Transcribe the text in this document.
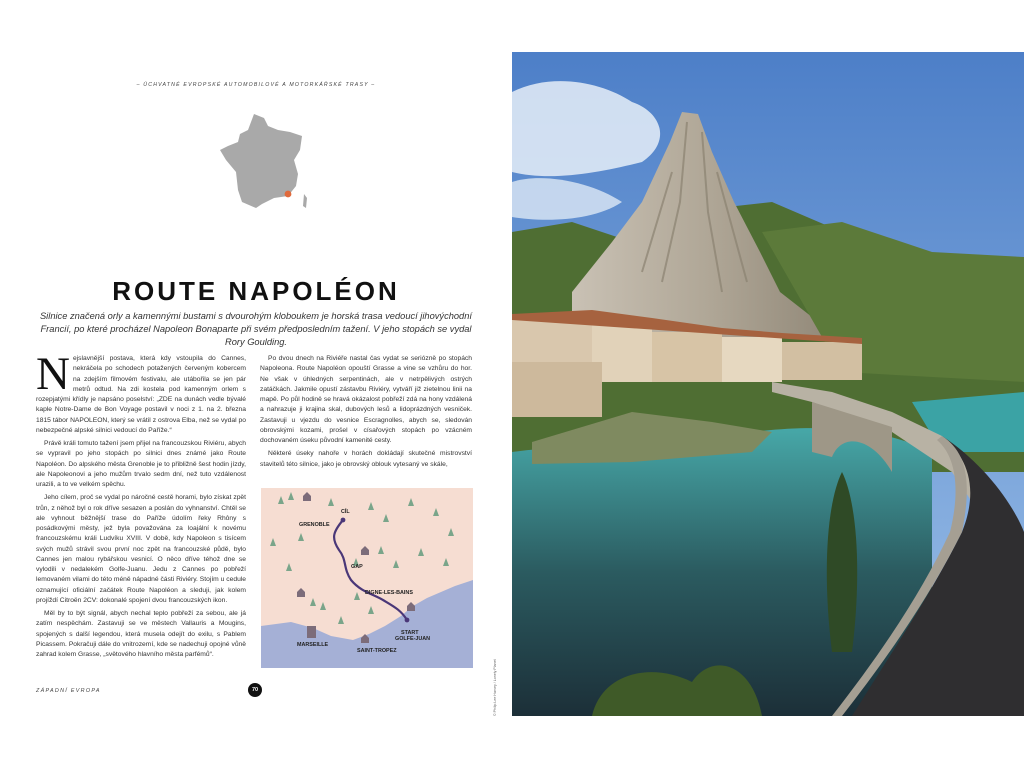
– ÚCHVATNÉ EVROPSKÉ AUTOMOBILOVÉ A MOTORKÁŘSKÉ TRASY –
ROUTE NAPOLÉON
Silnice značená orly a kamennými bustami s dvourohým kloboukem je horská trasa vedoucí jihovýchodní Francií, po které procházel Napoleon Bonaparte při svém předposledním tažení. V jeho stopách se vydal Rory Goulding.

Nejslavnější postava, která kdy vstoupila do Cannes, nekráčela po schodech potažených červeným kobercem na zdejším filmovém festivalu, ale utábořila se jen pár metrů odtud. Na zdi kostela pod kamenným orlem s rozepjatými křídly je napsáno poselství: „ZDE na dunách vedle bývalé kaple Notre-Dame de Bon Voyage postavil v noci z 1. na 2. března 1815 tábor NAPOLEON, který se vrátil z ostrova Elba, než se vydal po nebezpečné alpské silnici vedoucí do Paříže.“

Právě králi tomuto tažení jsem přijel na francouzskou Riviéru, abych se vypravil po jeho stopách po silnici dnes známé jako Route Napoléon. Do alpského města Grenoble je to přibližně šest hodin jízdy, ale Napoleonovi a jeho mužům trvalo sedm dní, než tuto vzdálenost urazili, a to ve velkém spěchu.

Jeho cílem, proč se vydal po náročné cestě horami, bylo získat zpět trůn, z něhož byl o rok dříve sesazen a poslán do vyhnanství. Chtěl se ale vyhnout běžnější trase do Paříže údolím řeky Rhôny s posádkovými městy, jež byla považována za loajální k novému francouzskému králi Ludvíku XVIII. V době, kdy Napoleon s tisícem svých mužů strávil svou první noc zpět na francouzské půdě, bylo Cannes jen malou rybářskou vesnicí. O něco dříve téhož dne se vylodili v nedalekém Golfe-Juanu. Jedu z Cannes po pobřeží lemovaném vilami do této méně nápadné části Riviéry. Stojím u cedule oznamující oficiální začátek Route Napoléon a sleduji, jak kolem projíždí Citroën 2CV: dokonalé spojení dvou francouzských ikon.

Měl by to být signál, abych nechal teplo pobřeží za sebou, ale já zatím nespěchám. Zastavuji se ve městech Vallauris a Mougins, spojených s další legendou, která musela odejít do exilu, s Pablem Picassem. Pokračuji dále do vnitrozemí, kde se nadechuji opojné vůně zahrad kolem Grasse, „světového hlavního města parfémů“.

Po dvou dnech na Riviéře nastal čas vydat se seriózně po stopách Napoleona. Route Napoléon opouští Grasse a vine se vzhůru do hor. Ne však v úhledných serpentinách, ale v netrpělivých ostrých zatáčkách. Jakmile opustí zástavbu Riviéry, vytváří již zietelnou linii na mapě. Po půl hodině se hravá okázalost pobřeží zdá na hony vzdálená a nahrazuje ji krajina skal, dubových lesů a lidoprázdných vesniček. Zastavuji u vjezdu do vesnice Escragnolles, abych se, sledován obrovskými kozami, prošel v císařových stopách po vzácném dochovaném úseku původní kamenité cesty.

Některé úseky nahoře v horách dokládají skutečné mistrovství stavitelů této silnice, jako je obrovský oblouk vytesaný ve skále,

GRENOBLE
CÍL
GAP
DIGNE-LES-BAINS
START
GOLFE-JUAN
MARSEILLE
SAINT-TROPEZ
ZÁPADNÍ EVROPA	70	© Philip Lee Harvey / Lonely Planet
